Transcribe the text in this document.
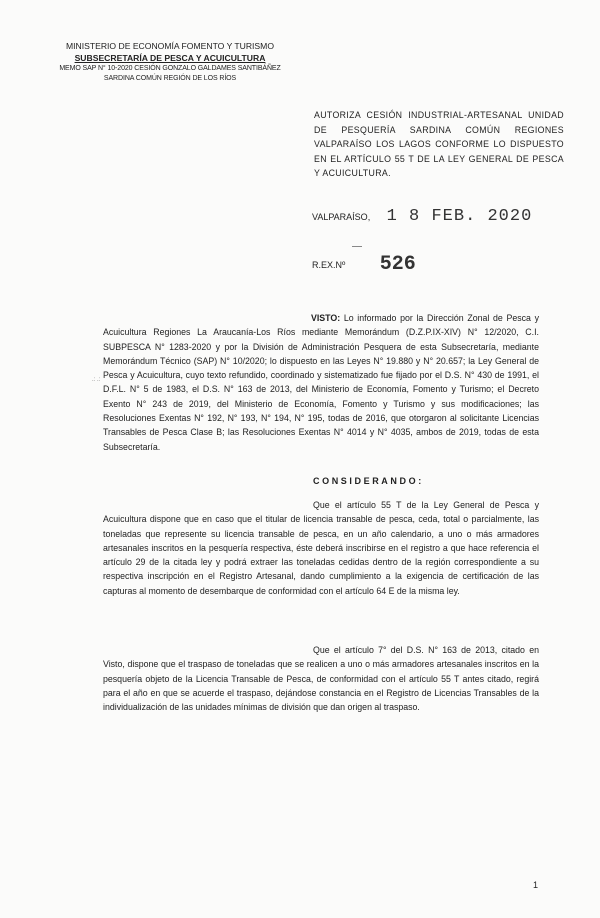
MINISTERIO DE ECONOMÍA FOMENTO Y TURISMO
SUBSECRETARÍA DE PESCA Y ACUICULTURA
MEMO SAP N° 10-2020 CESIÓN GONZALO GALDAMES SANTIBÁÑEZ
SARDINA COMÚN REGIÓN DE LOS RÍOS
AUTORIZA CESIÓN INDUSTRIAL-ARTESANAL UNIDAD DE PESQUERÍA SARDINA COMÚN REGIONES VALPARAÍSO LOS LAGOS CONFORME LO DISPUESTO EN EL ARTÍCULO 55 T DE LA LEY GENERAL DE PESCA Y ACUICULTURA.
VALPARAÍSO, 1 8 FEB. 2020
R.EX.Nº 526
.: .:
VISTO: Lo informado por la Dirección Zonal de Pesca y Acuicultura Regiones La Araucanía-Los Ríos mediante Memorándum (D.Z.P.IX-XIV) N° 12/2020, C.I. SUBPESCA N° 1283-2020 y por la División de Administración Pesquera de esta Subsecretaría, mediante Memorándum Técnico (SAP) N° 10/2020; lo dispuesto en las Leyes N° 19.880 y N° 20.657; la Ley General de Pesca y Acuicultura, cuyo texto refundido, coordinado y sistematizado fue fijado por el D.S. N° 430 de 1991, el D.F.L. N° 5 de 1983, el D.S. N° 163 de 2013, del Ministerio de Economía, Fomento y Turismo; el Decreto Exento N° 243 de 2019, del Ministerio de Economía, Fomento y Turismo y sus modificaciones; las Resoluciones Exentas N° 192, N° 193, N° 194, N° 195, todas de 2016, que otorgaron al solicitante Licencias Transables de Pesca Clase B; las Resoluciones Exentas N° 4014 y N° 4035, ambos de 2019, todas de esta Subsecretaría.
CONSIDERANDO:
Que el artículo 55 T de la Ley General de Pesca y Acuicultura dispone que en caso que el titular de licencia transable de pesca, ceda, total o parcialmente, las toneladas que represente su licencia transable de pesca, en un año calendario, a uno o más armadores artesanales inscritos en la pesquería respectiva, éste deberá inscribirse en el registro a que hace referencia el artículo 29 de la citada ley y podrá extraer las toneladas cedidas dentro de la región correspondiente a su respectiva inscripción en el Registro Artesanal, dando cumplimiento a la exigencia de certificación de las capturas al momento de desembarque de conformidad con el artículo 64 E de la misma ley.
Que el artículo 7° del D.S. N° 163 de 2013, citado en Visto, dispone que el traspaso de toneladas que se realicen a uno o más armadores artesanales inscritos en la pesquería objeto de la Licencia Transable de Pesca, de conformidad con el artículo 55 T antes citado, regirá para el año en que se acuerde el traspaso, dejándose constancia en el Registro de Licencias Transables de la individualización de las unidades mínimas de división que dan origen al traspaso.
1
